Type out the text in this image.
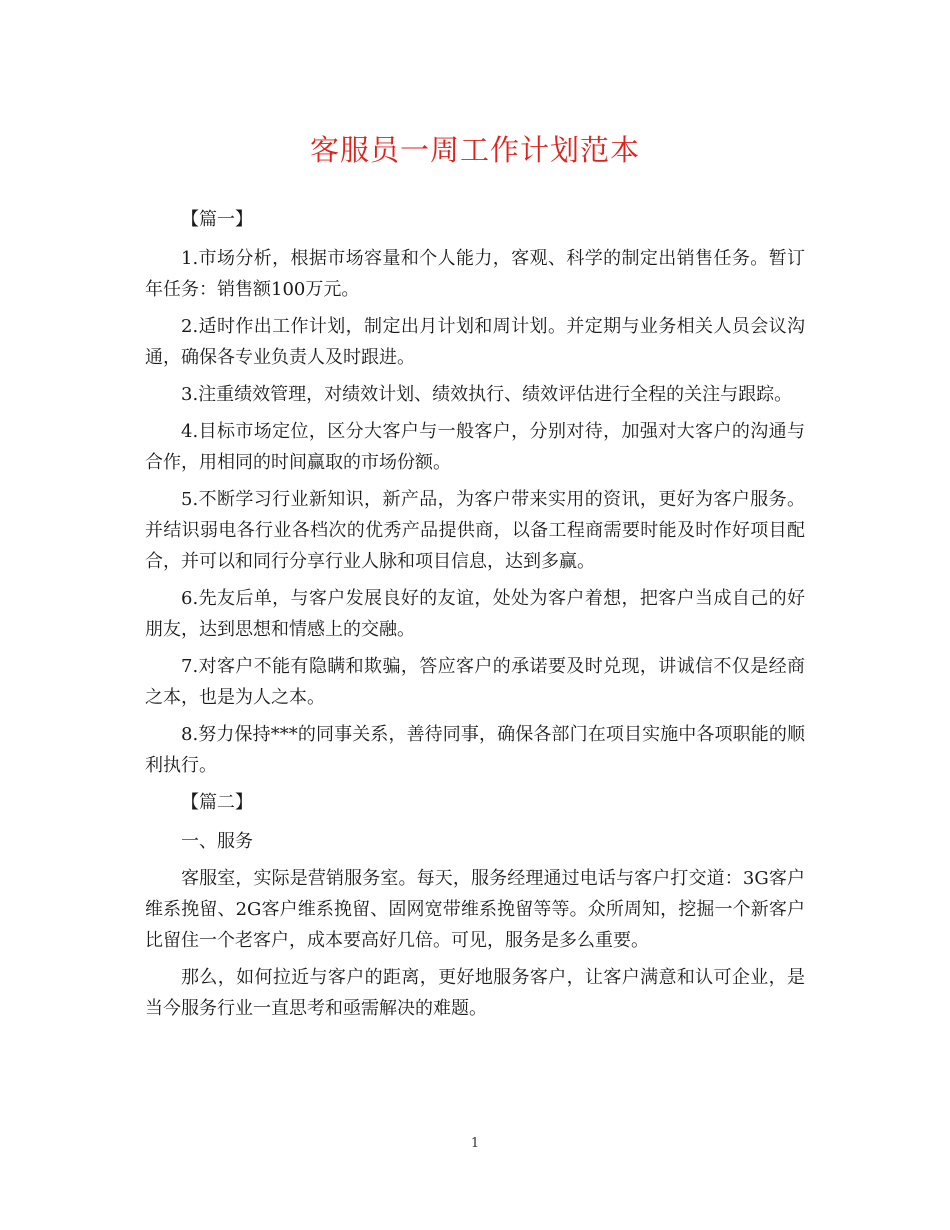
客服员一周工作计划范本

【篇一】

1.市场分析，根据市场容量和个人能力，客观、科学的制定出销售任务。暂订年任务：销售额100万元。

2.适时作出工作计划，制定出月计划和周计划。并定期与业务相关人员会议沟通，确保各专业负责人及时跟进。

3.注重绩效管理，对绩效计划、绩效执行、绩效评估进行全程的关注与跟踪。

4.目标市场定位，区分大客户与一般客户，分别对待，加强对大客户的沟通与合作，用相同的时间赢取的市场份额。

5.不断学习行业新知识，新产品，为客户带来实用的资讯，更好为客户服务。并结识弱电各行业各档次的优秀产品提供商，以备工程商需要时能及时作好项目配合，并可以和同行分享行业人脉和项目信息，达到多赢。

6.先友后单，与客户发展良好的友谊，处处为客户着想，把客户当成自己的好朋友，达到思想和情感上的交融。

7.对客户不能有隐瞒和欺骗，答应客户的承诺要及时兑现，讲诚信不仅是经商之本，也是为人之本。

8.努力保持***的同事关系，善待同事，确保各部门在项目实施中各项职能的顺利执行。

【篇二】

一、服务

客服室，实际是营销服务室。每天，服务经理通过电话与客户打交道：3G客户维系挽留、2G客户维系挽留、固网宽带维系挽留等等。众所周知，挖掘一个新客户比留住一个老客户，成本要高好几倍。可见，服务是多么重要。

那么，如何拉近与客户的距离，更好地服务客户，让客户满意和认可企业，是当今服务行业一直思考和亟需解决的难题。

1
